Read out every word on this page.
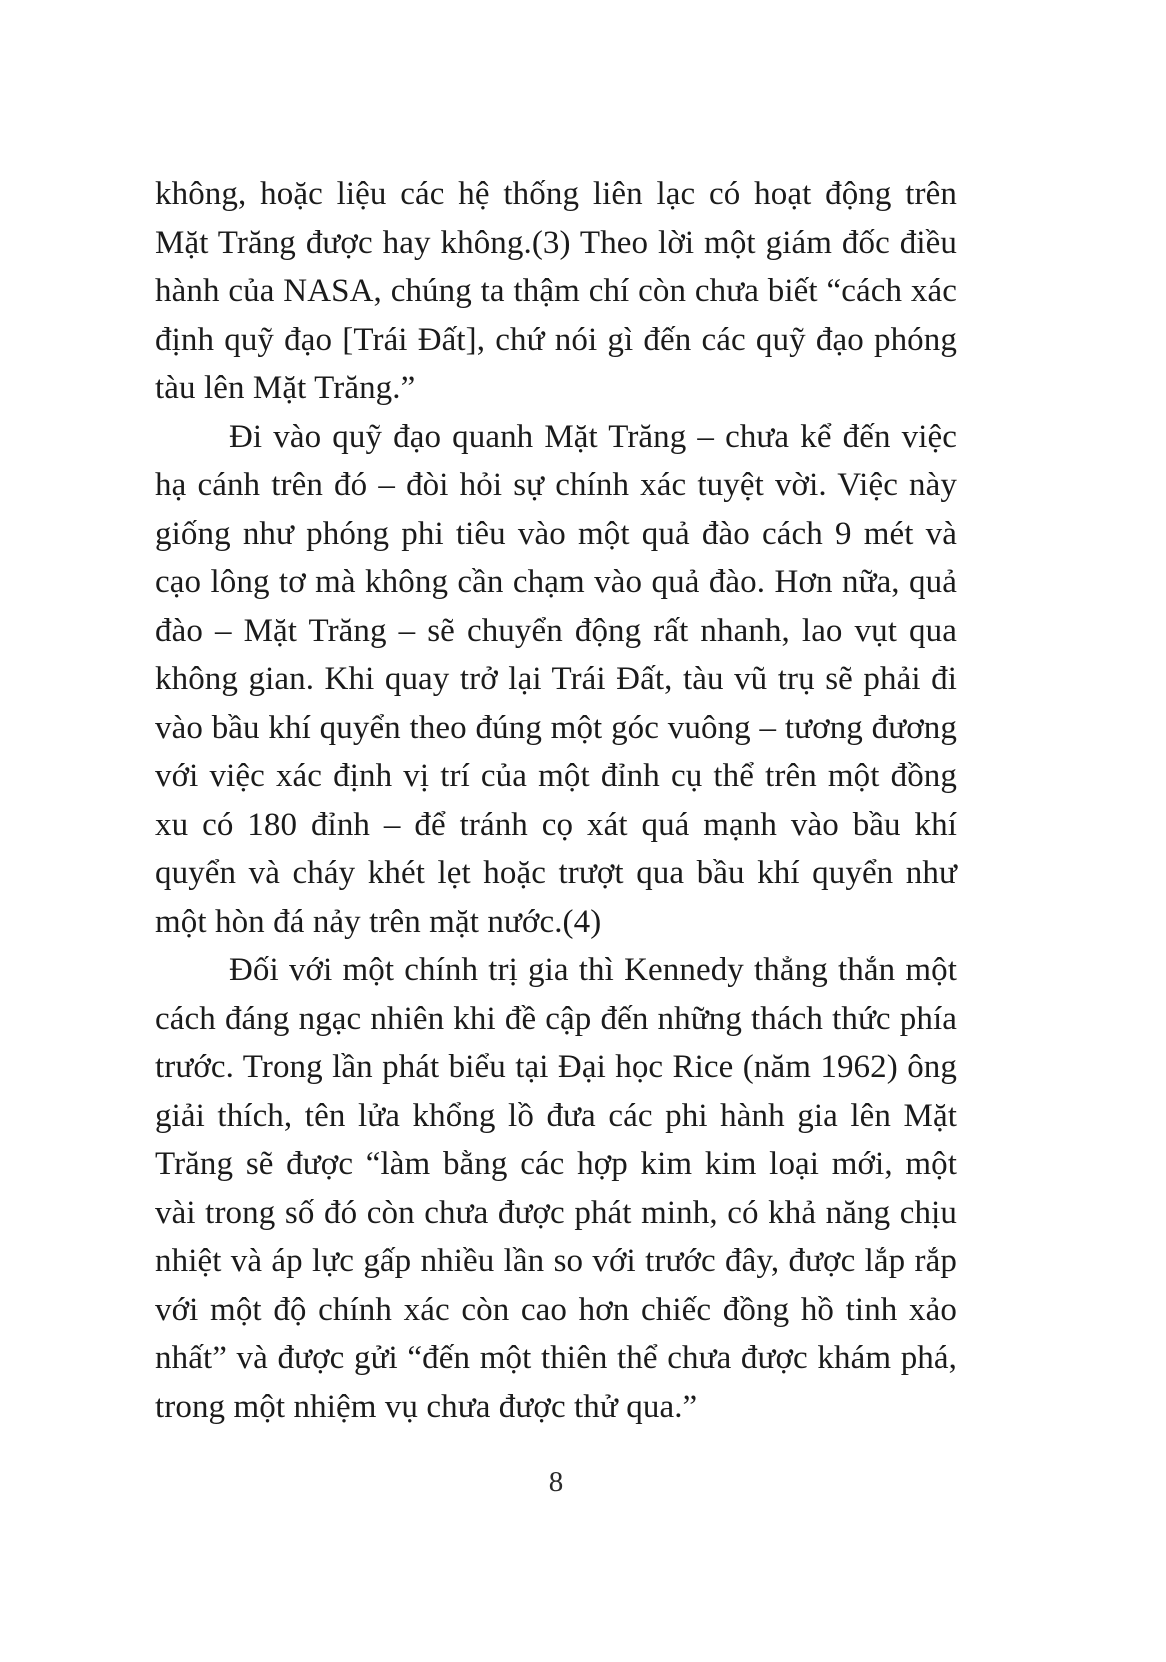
không, hoặc liệu các hệ thống liên lạc có hoạt động trên Mặt Trăng được hay không.(3) Theo lời một giám đốc điều hành của NASA, chúng ta thậm chí còn chưa biết “cách xác định quỹ đạo [Trái Đất], chứ nói gì đến các quỹ đạo phóng tàu lên Mặt Trăng.”

Đi vào quỹ đạo quanh Mặt Trăng – chưa kể đến việc hạ cánh trên đó – đòi hỏi sự chính xác tuyệt vời. Việc này giống như phóng phi tiêu vào một quả đào cách 9 mét và cạo lông tơ mà không cần chạm vào quả đào. Hơn nữa, quả đào – Mặt Trăng – sẽ chuyển động rất nhanh, lao vụt qua không gian. Khi quay trở lại Trái Đất, tàu vũ trụ sẽ phải đi vào bầu khí quyển theo đúng một góc vuông – tương đương với việc xác định vị trí của một đỉnh cụ thể trên một đồng xu có 180 đỉnh – để tránh cọ xát quá mạnh vào bầu khí quyển và cháy khét lẹt hoặc trượt qua bầu khí quyển như một hòn đá nảy trên mặt nước.(4)

Đối với một chính trị gia thì Kennedy thẳng thắn một cách đáng ngạc nhiên khi đề cập đến những thách thức phía trước. Trong lần phát biểu tại Đại học Rice (năm 1962) ông giải thích, tên lửa khổng lồ đưa các phi hành gia lên Mặt Trăng sẽ được “làm bằng các hợp kim kim loại mới, một vài trong số đó còn chưa được phát minh, có khả năng chịu nhiệt và áp lực gấp nhiều lần so với trước đây, được lắp rắp với một độ chính xác còn cao hơn chiếc đồng hồ tinh xảo nhất” và được gửi “đến một thiên thể chưa được khám phá, trong một nhiệm vụ chưa được thử qua.”

8
